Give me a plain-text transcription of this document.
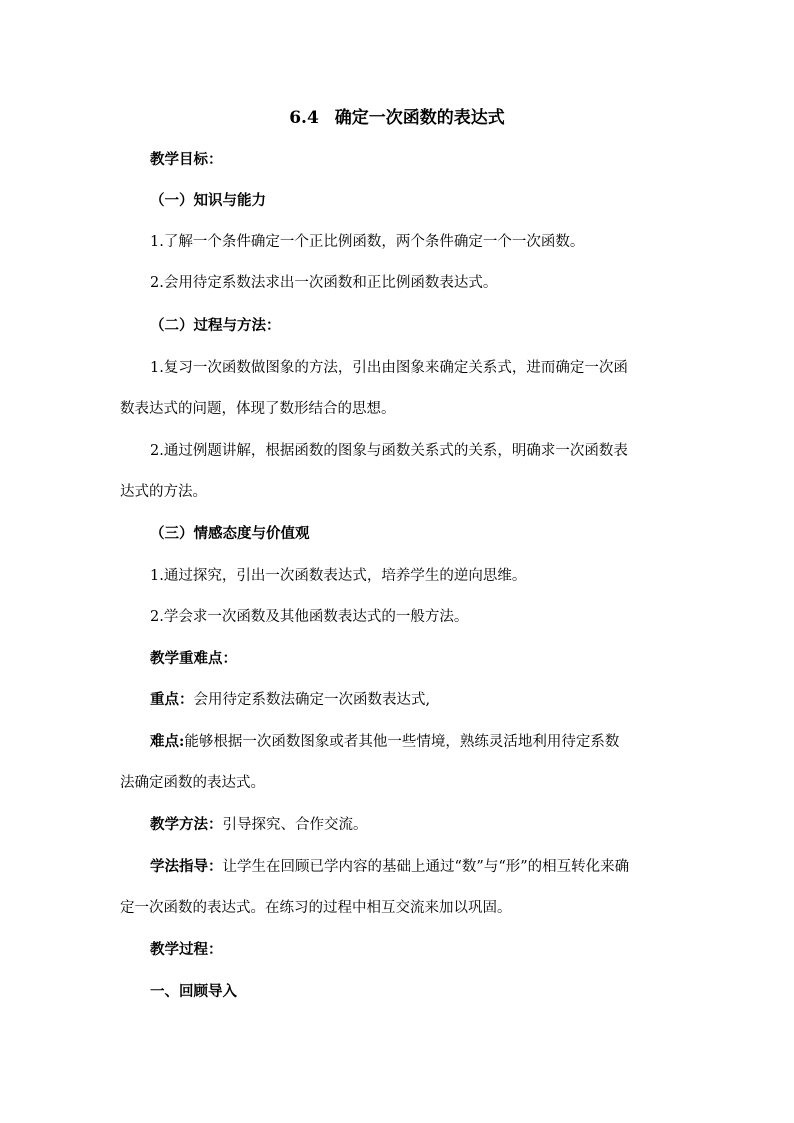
6.4 确定一次函数的表达式
教学目标：
（一）知识与能力
1.了解一个条件确定一个正比例函数，两个条件确定一个一次函数。
2.会用待定系数法求出一次函数和正比例函数表达式。
（二）过程与方法：
1.复习一次函数做图象的方法，引出由图象来确定关系式，进而确定一次函
数表达式的问题，体现了数形结合的思想。
2.通过例题讲解，根据函数的图象与函数关系式的关系，明确求一次函数表
达式的方法。
（三）情感态度与价值观
1.通过探究，引出一次函数表达式，培养学生的逆向思维。
2.学会求一次函数及其他函数表达式的一般方法。
教学重难点：
重点：会用待定系数法确定一次函数表达式,
难点:能够根据一次函数图象或者其他一些情境，熟练灵活地利用待定系数
法确定函数的表达式。
教学方法：引导探究、合作交流。
学法指导：让学生在回顾已学内容的基础上通过“数”与“形”的相互转化来确
定一次函数的表达式。在练习的过程中相互交流来加以巩固。
教学过程：
一、回顾导入
